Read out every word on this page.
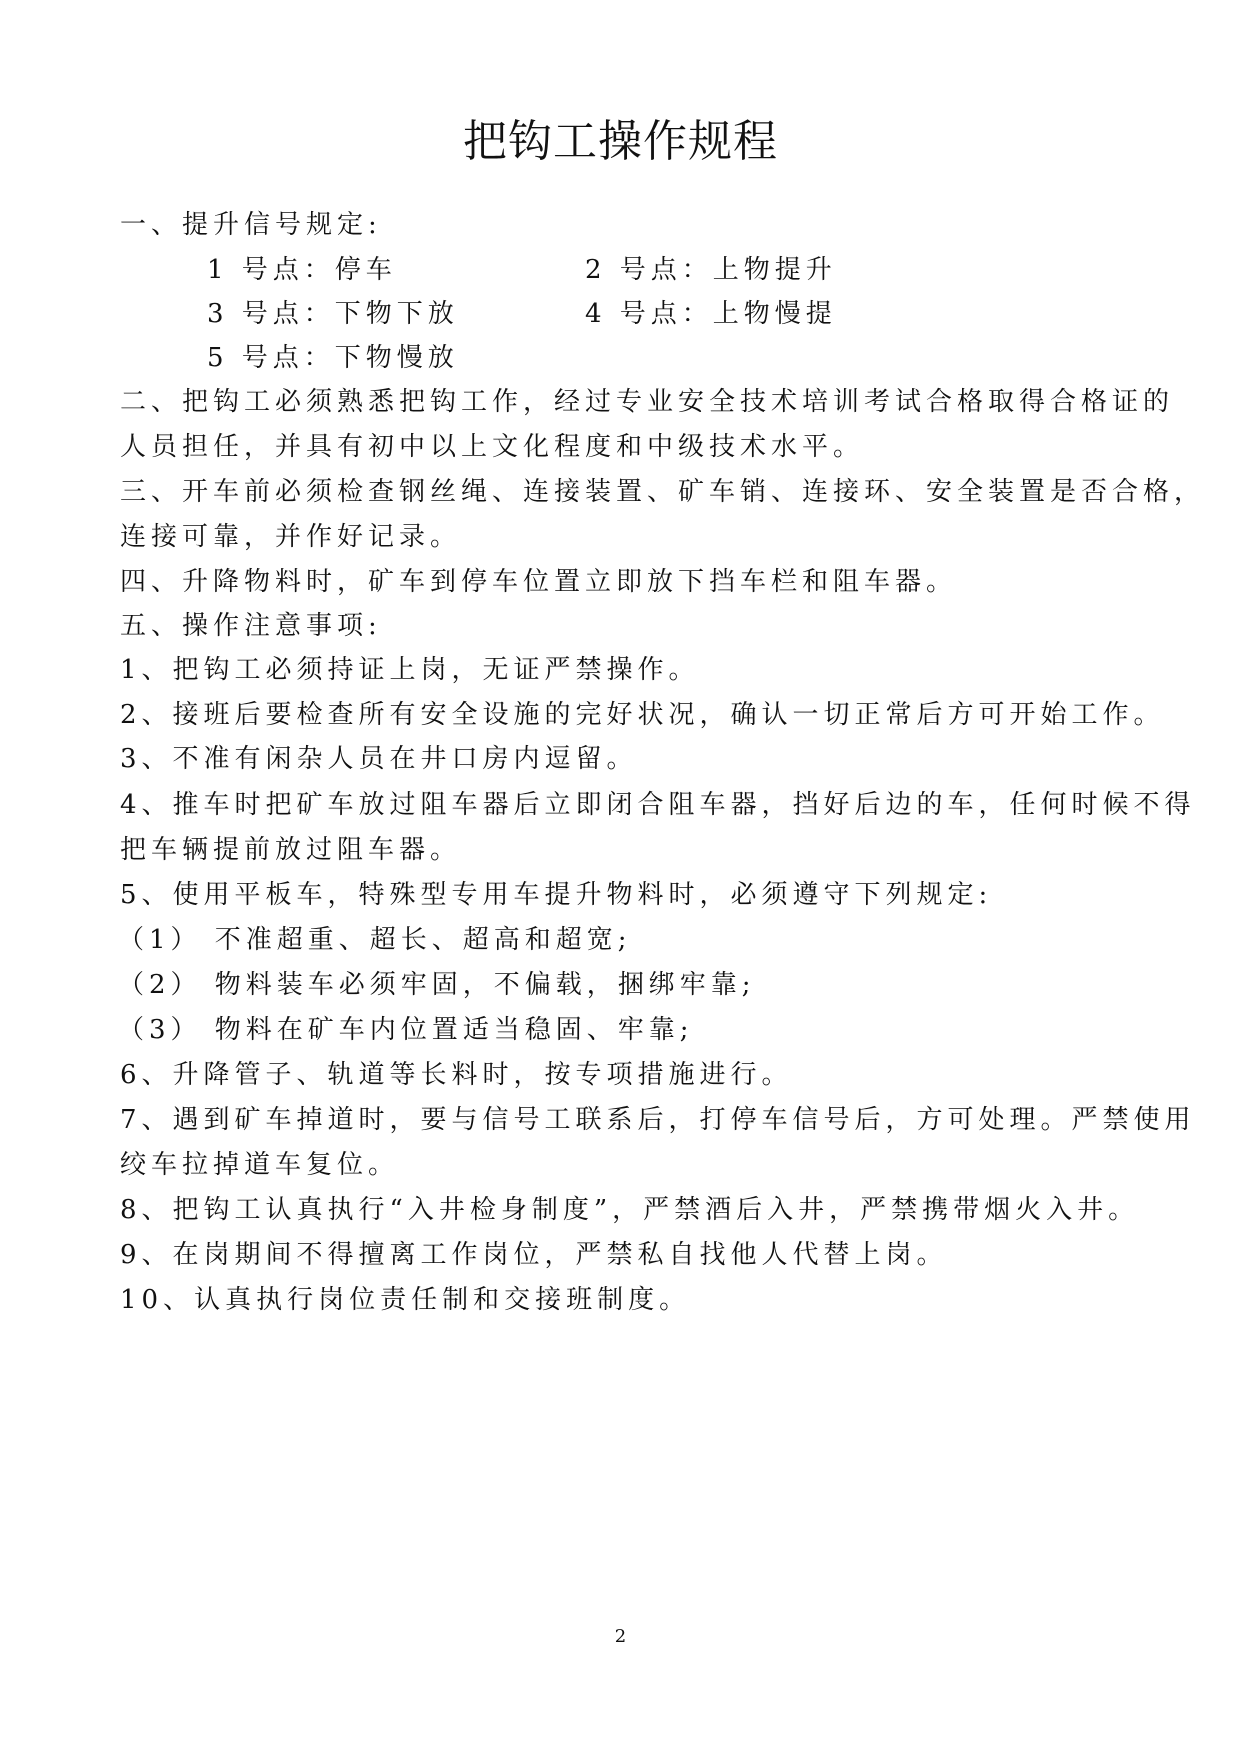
把钩工操作规程
一、提升信号规定:
1 号点：停车	2 号点：上物提升
3 号点：下物下放	4 号点：上物慢提
5 号点：下物慢放
二、把钩工必须熟悉把钩工作，经过专业安全技术培训考试合格取得合格证的
人员担任，并具有初中以上文化程度和中级技术水平。
三、开车前必须检查钢丝绳、连接装置、矿车销、连接环、安全装置是否合格，
连接可靠，并作好记录。
四、升降物料时，矿车到停车位置立即放下挡车栏和阻车器。
五、操作注意事项:
1、把钩工必须持证上岗，无证严禁操作。
2、接班后要检查所有安全设施的完好状况，确认一切正常后方可开始工作。
3、不准有闲杂人员在井口房内逗留。
4、推车时把矿车放过阻车器后立即闭合阻车器，挡好后边的车，任何时候不得
把车辆提前放过阻车器。
5、使用平板车，特殊型专用车提升物料时，必须遵守下列规定:
（1） 不准超重、超长、超高和超宽;
（2） 物料装车必须牢固，不偏载，捆绑牢靠;
（3） 物料在矿车内位置适当稳固、牢靠;
6、升降管子、轨道等长料时，按专项措施进行。
7、遇到矿车掉道时，要与信号工联系后，打停车信号后，方可处理。严禁使用
绞车拉掉道车复位。
8、把钩工认真执行“入井检身制度”，严禁酒后入井，严禁携带烟火入井。
9、在岗期间不得擅离工作岗位，严禁私自找他人代替上岗。
10、认真执行岗位责任制和交接班制度。
2
